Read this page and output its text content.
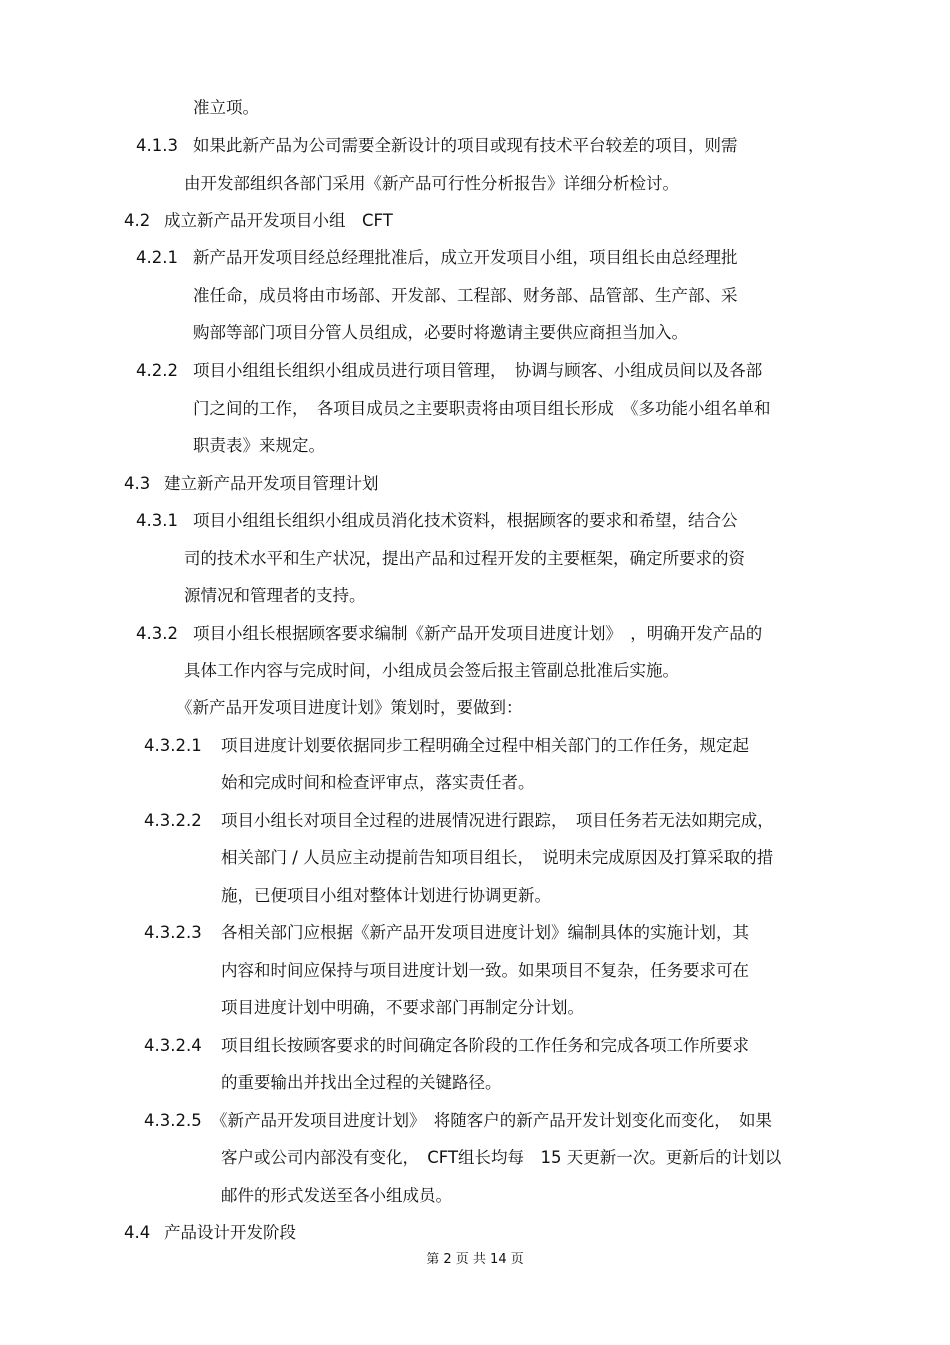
准立项。
4.1.3 如果此新产品为公司需要全新设计的项目或现有技术平台较差的项目，则需
由开发部组织各部门采用《新产品可行性分析报告》详细分析检讨。
4.2 成立新产品开发项目小组　CFT
4.2.1 新产品开发项目经总经理批准后，成立开发项目小组，项目组长由总经理批
准任命，成员将由市场部、开发部、工程部、财务部、品管部、生产部、采
购部等部门项目分管人员组成，必要时将邀请主要供应商担当加入。
4.2.2 项目小组组长组织小组成员进行项目管理，　协调与顾客、小组成员间以及各部
门之间的工作，　各项目成员之主要职责将由项目组长形成　《多功能小组名单和
职责表》来规定。
4.3 建立新产品开发项目管理计划
4.3.1 项目小组组长组织小组成员消化技术资料，根据顾客的要求和希望，结合公
司的技术水平和生产状况，提出产品和过程开发的主要框架，确定所要求的资
源情况和管理者的支持。
4.3.2 项目小组长根据顾客要求编制《新产品开发项目进度计划》　，明确开发产品的
具体工作内容与完成时间，小组成员会签后报主管副总批准后实施。
《新产品开发项目进度计划》策划时，要做到：
4.3.2.1 项目进度计划要依据同步工程明确全过程中相关部门的工作任务，规定起
始和完成时间和检查评审点，落实责任者。
4.3.2.2 项目小组长对项目全过程的进展情况进行跟踪，　项目任务若无法如期完成，
相关部门 / 人员应主动提前告知项目组长，　说明未完成原因及打算采取的措
施，已便项目小组对整体计划进行协调更新。
4.3.2.3 各相关部门应根据《新产品开发项目进度计划》编制具体的实施计划，其
内容和时间应保持与项目进度计划一致。如果项目不复杂，任务要求可在
项目进度计划中明确，不要求部门再制定分计划。
4.3.2.4 项目组长按顾客要求的时间确定各阶段的工作任务和完成各项工作所要求
的重要输出并找出全过程的关键路径。
4.3.2.5 《新产品开发项目进度计划》　将随客户的新产品开发计划变化而变化，　如果
客户或公司内部没有变化，　CFT组长均每　15 天更新一次。更新后的计划以
邮件的形式发送至各小组成员。
4.4 产品设计开发阶段
第 2 页 共 14 页
